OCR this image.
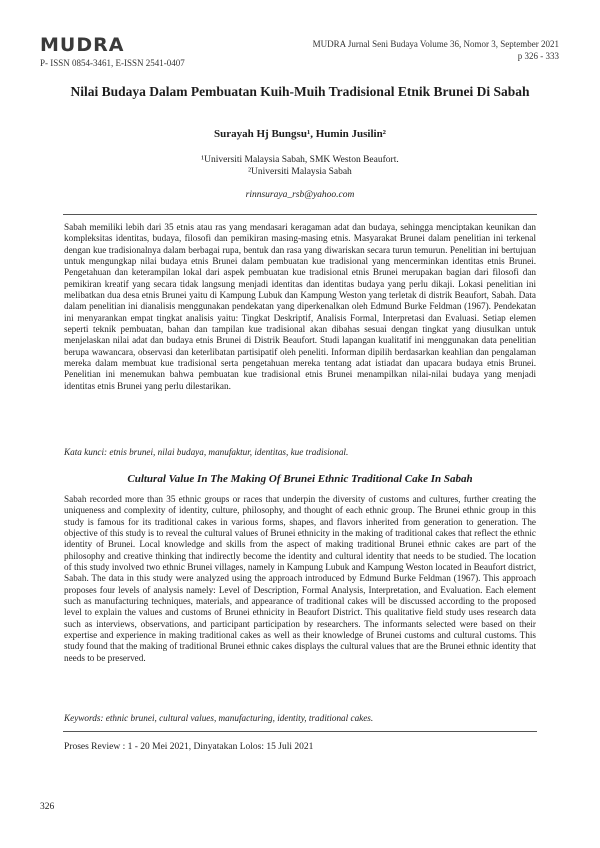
MUDRA
P- ISSN 0854-3461, E-ISSN 2541-0407
MUDRA Jurnal Seni Budaya Volume 36, Nomor 3, September 2021
p 326 - 333
Nilai Budaya Dalam Pembuatan Kuih-Muih Tradisional Etnik Brunei Di Sabah
Surayah Hj Bungsu¹, Humin Jusilin²
¹Universiti Malaysia Sabah, SMK Weston Beaufort.
²Universiti Malaysia Sabah
rinnsuraya_rsb@yahoo.com

Sabah memiliki lebih dari 35 etnis atau ras yang mendasari keragaman adat dan budaya, sehingga menciptakan keunikan dan kompleksitas identitas, budaya, filosofi dan pemikiran masing-masing etnis. Masyarakat Brunei dalam penelitian ini terkenal dengan kue tradisionalnya dalam berbagai rupa, bentuk dan rasa yang diwariskan secara turun temurun. Penelitian ini bertujuan untuk mengungkap nilai budaya etnis Brunei dalam pembuatan kue tradisional yang mencerminkan identitas etnis Brunei. Pengetahuan dan keterampilan lokal dari aspek pembuatan kue tradisional etnis Brunei merupakan bagian dari filosofi dan pemikiran kreatif yang secara tidak langsung menjadi identitas dan identitas budaya yang perlu dikaji. Lokasi penelitian ini melibatkan dua desa etnis Brunei yaitu di Kampung Lubuk dan Kampung Weston yang terletak di distrik Beaufort, Sabah. Data dalam penelitian ini dianalisis menggunakan pendekatan yang diperkenalkan oleh Edmund Burke Feldman (1967). Pendekatan ini menyarankan empat tingkat analisis yaitu: Tingkat Deskriptif, Analisis Formal, Interpretasi dan Evaluasi. Setiap elemen seperti teknik pembuatan, bahan dan tampilan kue tradisional akan dibahas sesuai dengan tingkat yang diusulkan untuk menjelaskan nilai adat dan budaya etnis Brunei di Distrik Beaufort. Studi lapangan kualitatif ini menggunakan data penelitian berupa wawancara, observasi dan keterlibatan partisipatif oleh peneliti. Informan dipilih berdasarkan keahlian dan pengalaman mereka dalam membuat kue tradisional serta pengetahuan mereka tentang adat istiadat dan upacara budaya etnis Brunei. Penelitian ini menemukan bahwa pembuatan kue tradisional etnis Brunei menampilkan nilai-nilai budaya yang menjadi identitas etnis Brunei yang perlu dilestarikan.

Kata kunci: etnis brunei, nilai budaya, manufaktur, identitas, kue tradisional.

Cultural Value In The Making Of Brunei Ethnic Traditional Cake In Sabah

Sabah recorded more than 35 ethnic groups or races that underpin the diversity of customs and cultures, further creating the uniqueness and complexity of identity, culture, philosophy, and thought of each ethnic group. The Brunei ethnic group in this study is famous for its traditional cakes in various forms, shapes, and flavors inherited from generation to generation. The objective of this study is to reveal the cultural values of Brunei ethnicity in the making of traditional cakes that reflect the ethnic identity of Brunei. Local knowledge and skills from the aspect of making traditional Brunei ethnic cakes are part of the philosophy and creative thinking that indirectly become the identity and cultural identity that needs to be studied. The location of this study involved two ethnic Brunei villages, namely in Kampung Lubuk and Kampung Weston located in Beaufort district, Sabah. The data in this study were analyzed using the approach introduced by Edmund Burke Feldman (1967). This approach proposes four levels of analysis namely: Level of Description, Formal Analysis, Interpretation, and Evaluation. Each element such as manufacturing techniques, materials, and appearance of traditional cakes will be discussed according to the proposed level to explain the values and customs of Brunei ethnicity in Beaufort District. This qualitative field study uses research data such as interviews, observations, and participant participation by researchers. The informants selected were based on their expertise and experience in making traditional cakes as well as their knowledge of Brunei customs and cultural customs. This study found that the making of traditional Brunei ethnic cakes displays the cultural values that are the Brunei ethnic identity that needs to be preserved.

Keywords: ethnic brunei, cultural values, manufacturing, identity, traditional cakes.

Proses Review : 1 - 20 Mei 2021, Dinyatakan Lolos: 15 Juli 2021
326
